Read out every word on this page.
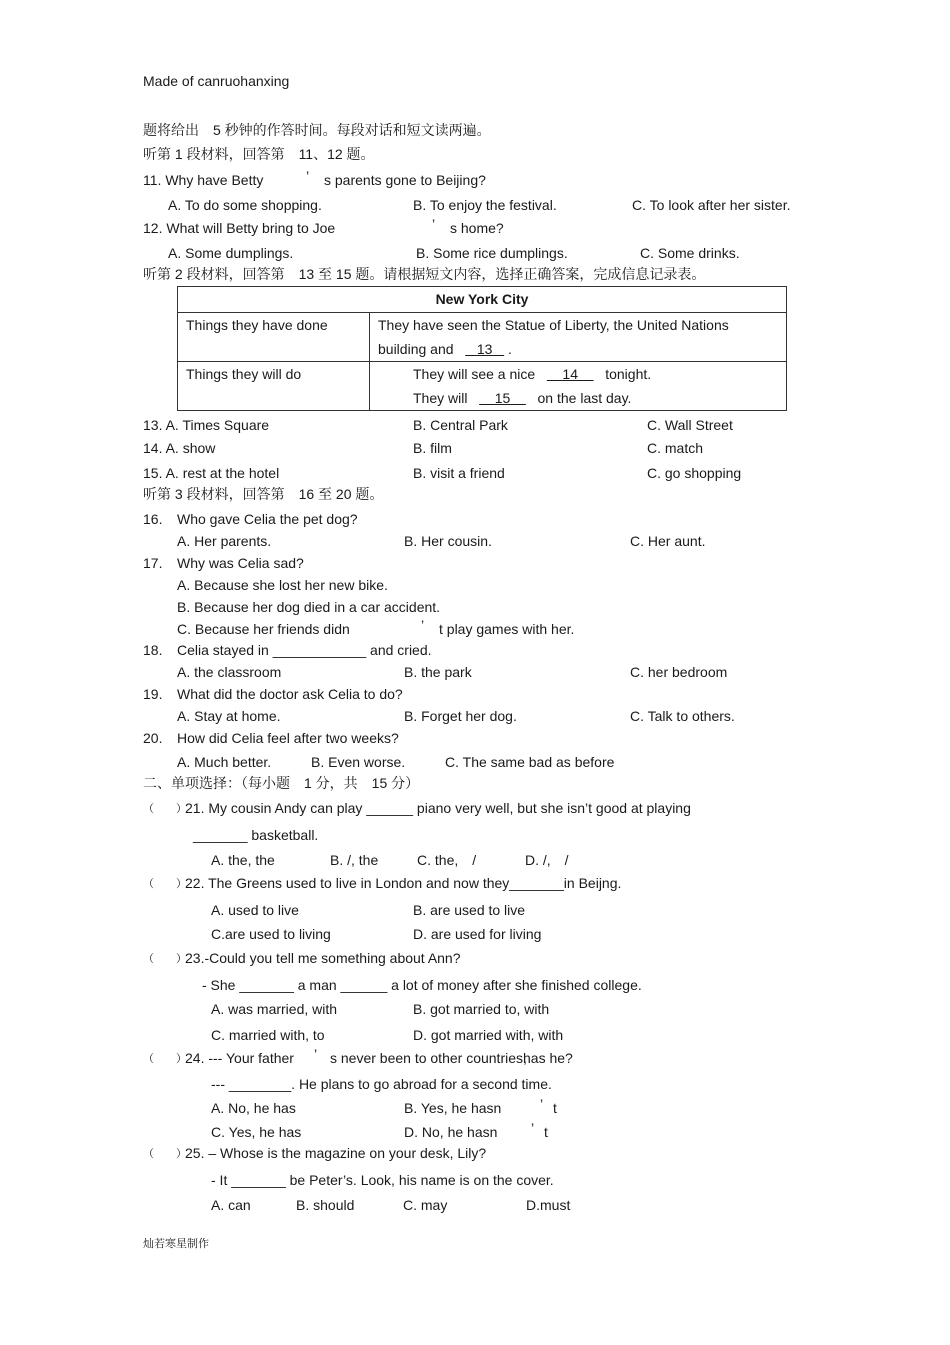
Made of canruohanxing
题将给出　5 秒钟的作答时间。每段对话和短文读两遍。
听第 1 段材料，回答第　11、12 题。
11. Why have Betty	’ s parents gone to Beijing?
A. To do some shopping.	B. To enjoy the festival.	C. To look after her sister.
12. What will Betty bring to Joe	’ s home?
A. Some dumplings.	B. Some rice dumplings.	C. Some drinks.
听第 2 段材料，回答第　13 至 15 题。请根据短文内容，选择正确答案，完成信息记录表。
New York City	
Things they have done	They have seen the Statue of Liberty, the United Nations
building and 13    .

Things they will do	They will see a nice 14 tonight.
They will 15 on the last day.
13. A. Times Square	B. Central Park	C. Wall Street
14. A. show	B. film	C. match
15. A. rest at the hotel	B. visit a friend	C. go shopping
听第 3 段材料，回答第　16 至 20 题。
16. Who gave Celia the pet dog?
A. Her parents.	B. Her cousin.	C. Her aunt.
17. Why was Celia sad?
A. Because she lost her new bike.
B. Because her dog died in a car accident.
C. Because her friends didn	’ t play games with her.
18. Celia stayed in ____________ and cried.
A. the classroom	B. the park	C. her bedroom
19. What did the doctor ask Celia to do?
A. Stay at home.	B. Forget her dog.	C. Talk to others.
20. How did Celia feel after two weeks?
A. Much better.	B. Even worse.	C. The same bad as before
二、单项选择：（每小题　1 分，共　15 分）
（　　）
21. My cousin Andy can play ______ piano very well, but she isn’t good at playing
_______ basketball.
A. the, the	B. /, the	C. the,　/	D. /,　/
（　　）
22. The Greens used to live in London and now they_______in Beijng.
A. used to live	B. are used to live
C.are used to living	D. are used for living
（　　）
23.-Could you tell me something about Ann?
- She _______ a man ______ a lot of money after she finished college.
A. was married, with	B. got married to, with
C. married with, to	D. got married with, with
（　　）
24. --- Your father ’ s never been to other countries,
has he?
--- ________. He plans to go abroad for a second time.
A. No, he has	B. Yes, he hasn	’ t
C. Yes, he has	D. No, he hasn ’ t
（　　）
25. – Whose is the magazine on your desk, Lily?
- It _______ be Peter’s. Look, his name is on the cover.
A. can	B. should	C. may	D.must
灿若寒星制作
